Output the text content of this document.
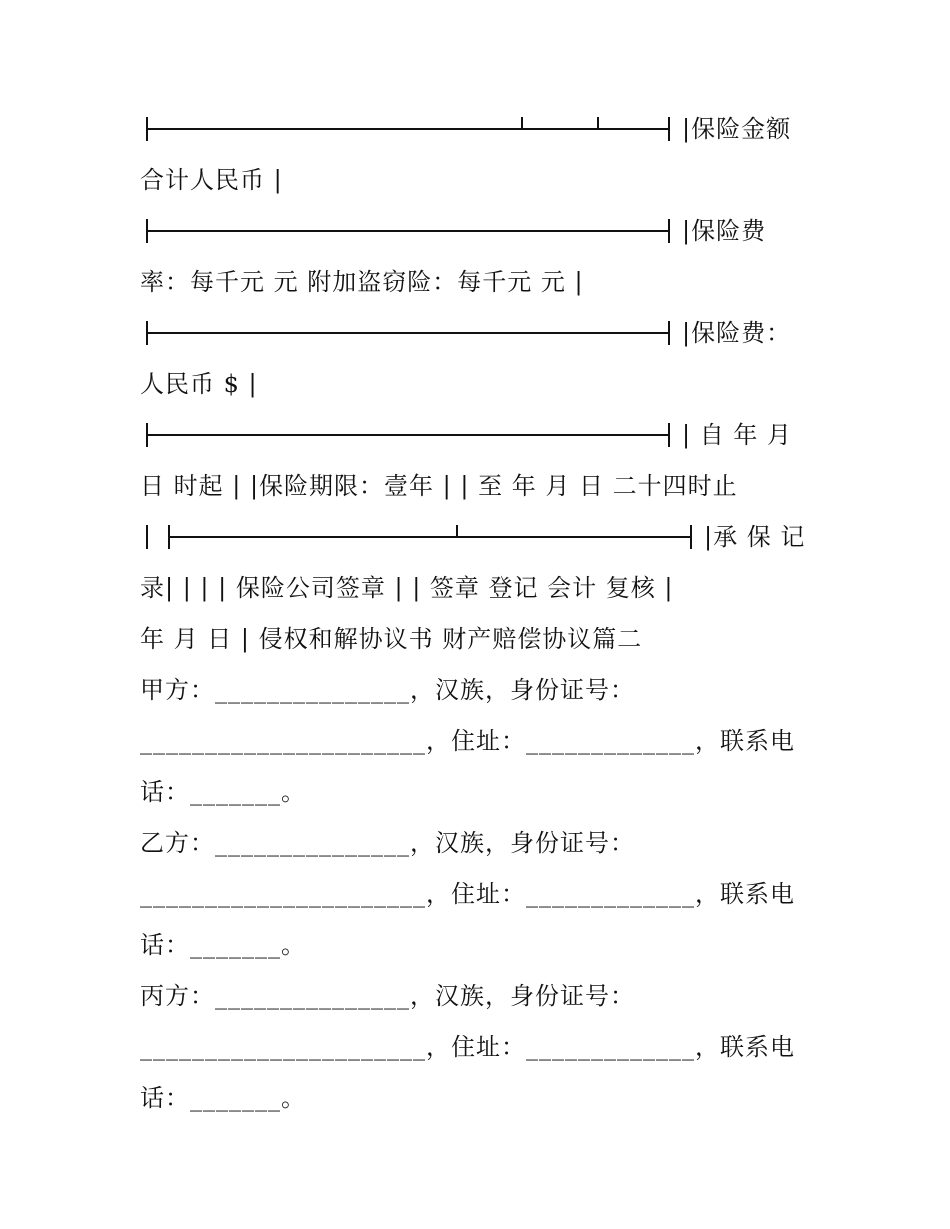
|保险金额
合计人民币 |
|保险费
率：每千元 元 附加盗窃险：每千元 元 |
|保险费：
人民币 $ |
| 自 年 月
日 时起 | |保险期限：壹年 | | 至 年 月 日 二十四时止
|承 保 记
录| | | | 保险公司签章 | | 签章 登记 会计 复核 |
年 月 日 | 侵权和解协议书 财产赔偿协议篇二
甲方：_______________，汉族，身份证号：
______________________，住址：_____________，联系电
话：_______。
乙方：_______________，汉族，身份证号：
______________________，住址：_____________，联系电
话：_______。
丙方：_______________，汉族，身份证号：
______________________，住址：_____________，联系电
话：_______。
